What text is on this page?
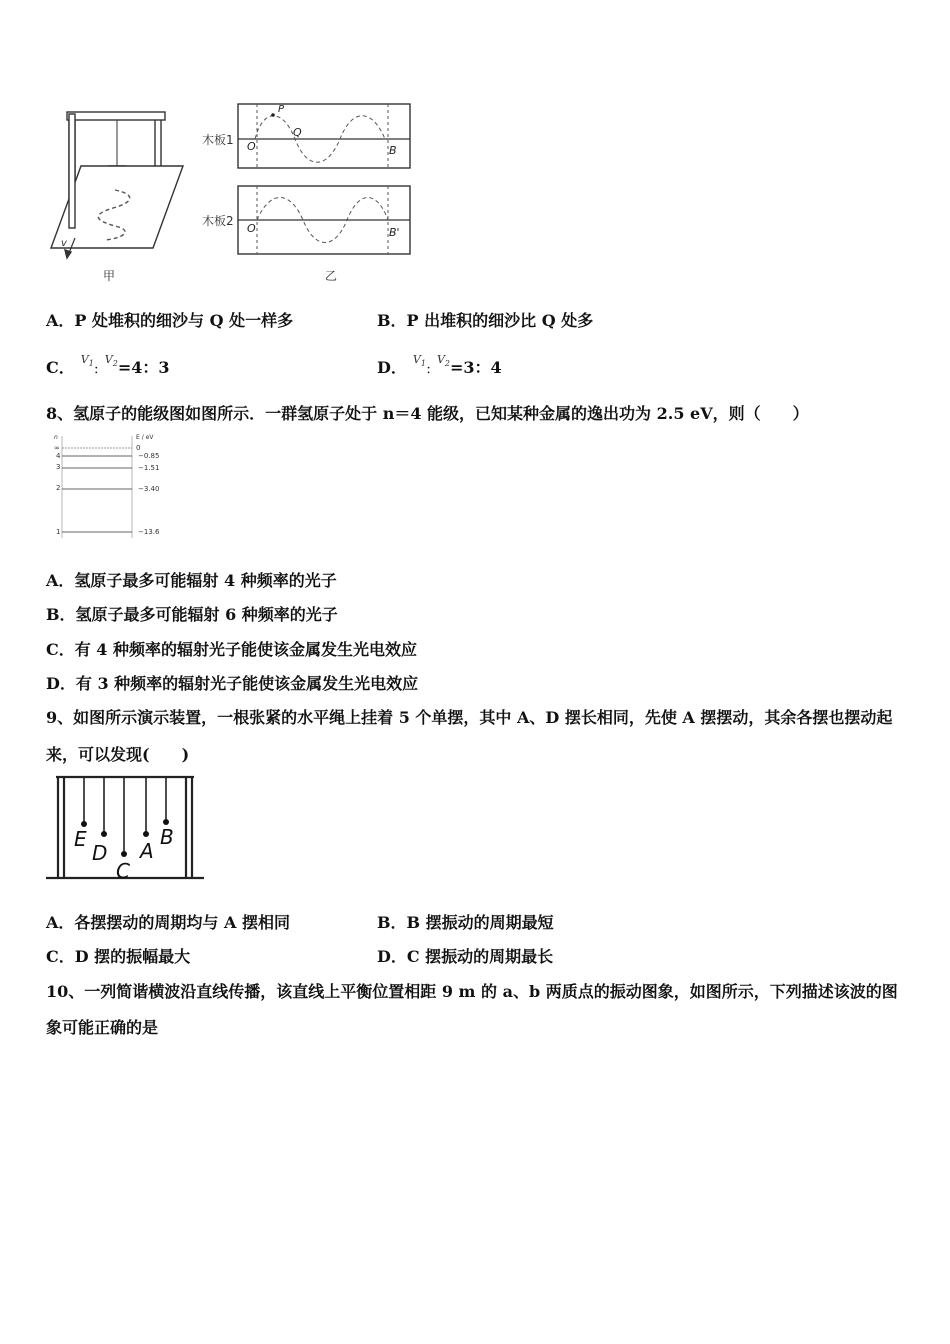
v
甲
木板1
P
Q
O	B
木板2
O	B'
乙
A．P 处堆积的细沙与 Q 处一样多	B．P 出堆积的细沙比 Q 处多
C． $^{V1}$：$^{V2}$=4：3	D． $^{V1}$：$^{V2}$=3：4
8、氢原子的能级图如图所示．一群氢原子处于 n＝4 能级，已知某种金属的逸出功为 2.5 eV，则（　　）
n	E / eV
∞	0
4	−0.85
3	−1.51
2	−3.40
1	−13.6
A．氢原子最多可能辐射 4 种频率的光子
B．氢原子最多可能辐射 6 种频率的光子
C．有 4 种频率的辐射光子能使该金属发生光电效应
D．有 3 种频率的辐射光子能使该金属发生光电效应
9、如图所示演示装置，一根张紧的水平绳上挂着 5 个单摆，其中 A、D 摆长相同，先使 A 摆摆动，其余各摆也摆动起
来，可以发现(　　)
E
D
C
A
B
A．各摆摆动的周期均与 A 摆相同	B．B 摆振动的周期最短
C．D 摆的振幅最大	D．C 摆振动的周期最长
10、一列简谐横波沿直线传播，该直线上平衡位置相距 9 m 的 a、b 两质点的振动图象，如图所示，下列描述该波的图
象可能正确的是
